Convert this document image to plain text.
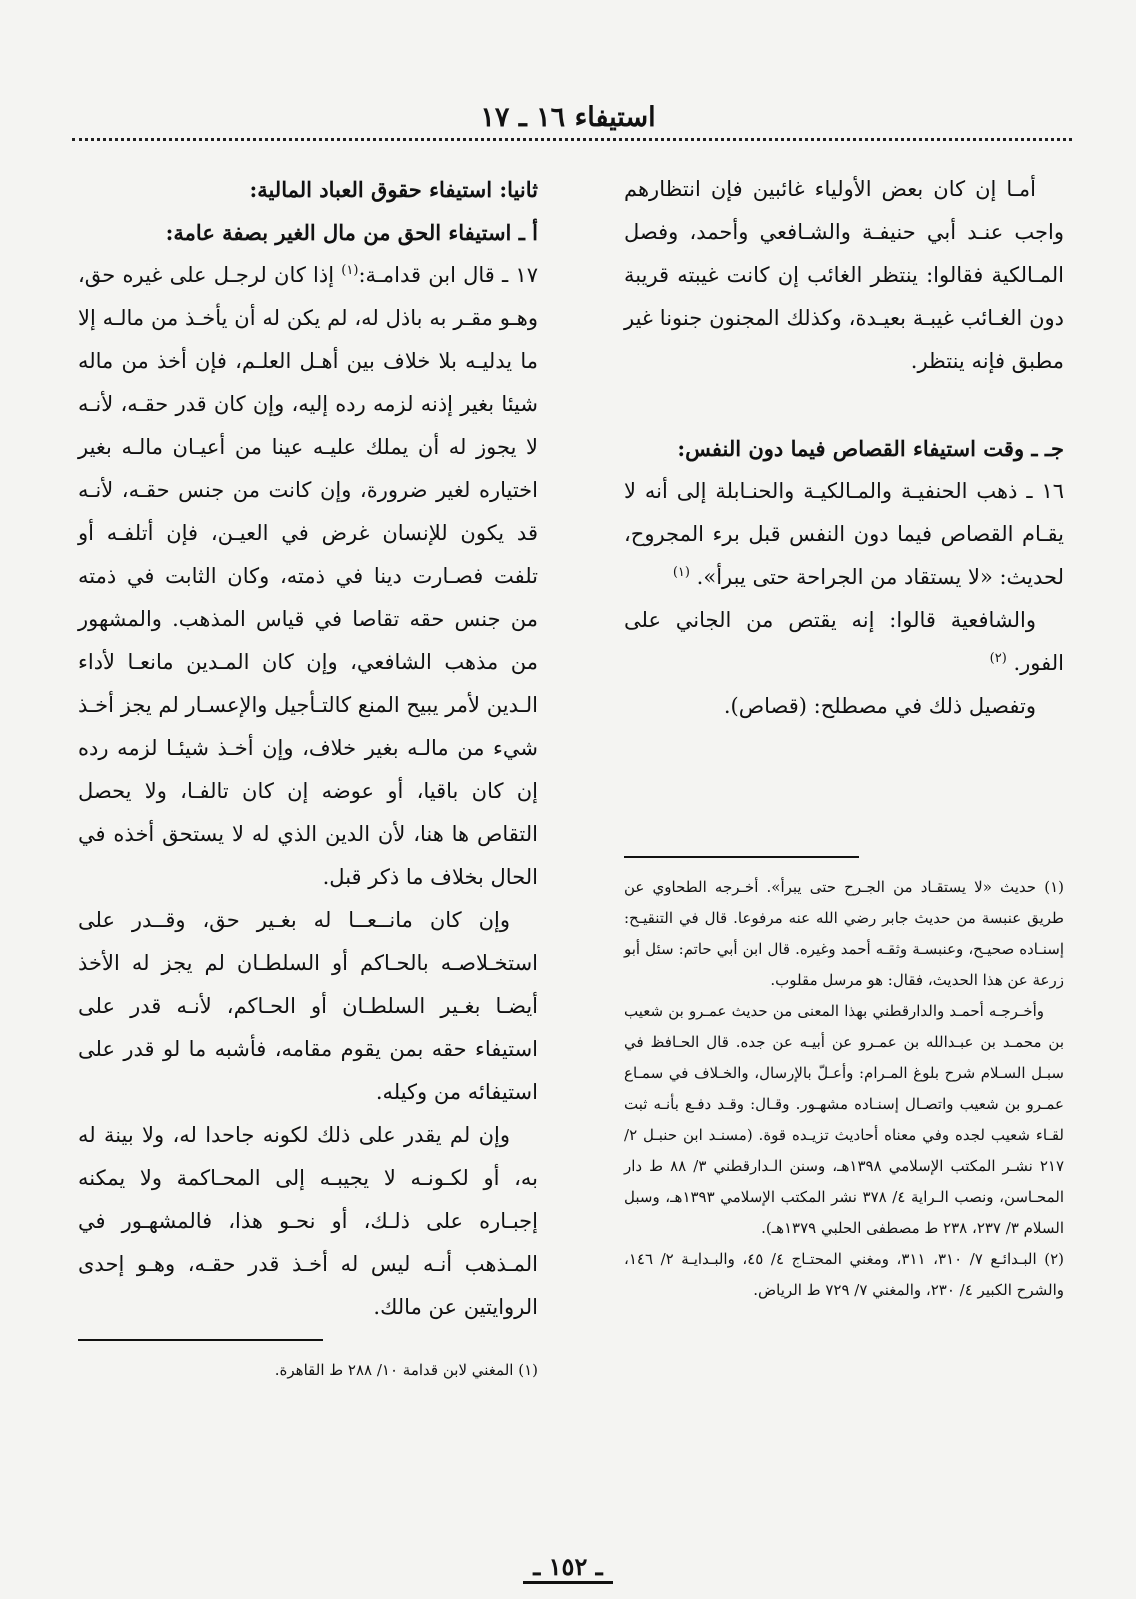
استيفاء ١٦ ـ ١٧

أمـا إن كان بعض الأولياء غائبين فإن انتظارهم واجب عنـد أبي حنيفـة والشـافعي وأحمد، وفصل المـالكية فقالوا: ينتظر الغائب إن كانت غيبته قريبة دون الغـائب غيبـة بعيـدة، وكذلك المجنون جنونا غير مطبق فإنه ينتظر.

جـ ـ وقت استيفاء القصاص فيما دون النفس:

١٦ ـ ذهب الحنفيـة والمـالكيـة والحنـابلة إلى أنه لا يقـام القصاص فيما دون النفس قبل برء المجروح، لحديث: «لا يستقاد من الجراحة حتى يبرأ». $^{(١)}$

والشافعية قالوا: إنه يقتص من الجاني على الفور. $^{(٢)}$

وتفصيل ذلك في مصطلح: (قصاص).

(١) حديث «لا يستقـاد من الجـرح حتى يبرأ». أخـرجه الطحاوي عن طريق عنبسة من حديث جابر رضي الله عنه مرفوعا. قال في التنقيـح: إسنـاده صحيـح، وعنبسـة وثقـه أحمد وغيره. قال ابن أبي حاتم: سئل أبو زرعة عن هذا الحديث، فقال: هو مرسل مقلوب.

وأخـرجـه أحمـد والدارقطني بهذا المعنى من حديث عمـرو بن شعيب بن محمـد بن عبـدالله بن عمـرو عن أبيـه عن جده. قال الحـافظ في سبـل السـلام شرح بلوغ المـرام: وأعـلّ بالإرسال، والخـلاف في سمـاع عمـرو بن شعيب واتصـال إسنـاده مشهـور. وقـال: وقـد دفـع بأنـه ثبت لقـاء شعيب لجده وفي معناه أحاديث تزيـده قوة. (مسنـد ابن حنبـل ٢/ ٢١٧ نشـر المكتب الإسلامي ١٣٩٨هـ، وسنن الـدارقطني ٣/ ٨٨ ط دار المحـاسن، ونصب الـراية ٤/ ٣٧٨ نشر المكتب الإسلامي ١٣٩٣هـ، وسبل السلام ٣/ ٢٣٧، ٢٣٨ ط مصطفى الحلبي ١٣٧٩هـ).

(٢) البـدائـع ٧/ ٣١٠، ٣١١، ومغني المحتـاج ٤/ ٤٥، والبـدايـة ٢/ ١٤٦، والشرح الكبير ٤/ ٢٣٠، والمغني ٧/ ٧٢٩ ط الرياض.

ثانيا: استيفاء حقوق العباد المالية:

أ ـ استيفاء الحق من مال الغير بصفة عامة:

١٧ ـ قال ابن قدامـة:$^{(١)}$ إذا كان لرجـل على غيره حق، وهـو مقـر به باذل له، لم يكن له أن يأخـذ من مالـه إلا ما يدليـه بلا خلاف بين أهـل العلـم، فإن أخذ من ماله شيئا بغير إذنه لزمه رده إليه، وإن كان قدر حقـه، لأنـه لا يجوز له أن يملك عليـه عينا من أعيـان مالـه بغير اختياره لغير ضرورة، وإن كانت من جنس حقـه، لأنـه قد يكون للإنسان غرض في العيـن، فإن أتلفـه أو تلفت فصـارت دينا في ذمته، وكان الثابت في ذمته من جنس حقه تقاصا في قياس المذهب. والمشهور من مذهب الشافعي، وإن كان المـدين مانعـا لأداء الـدين لأمر يبيح المنع كالتـأجيل والإعسـار لم يجز أخـذ شيء من مالـه بغير خلاف، وإن أخـذ شيئـا لزمه رده إن كان باقيا، أو عوضه إن كان تالفـا، ولا يحصل التقاص ها هنا، لأن الدين الذي له لا يستحق أخذه في الحال بخلاف ما ذكر قبل.

وإن كان مانــعــا له بغـير حق، وقــدر على استخـلاصـه بالحـاكم أو السلطـان لم يجز له الأخذ أيضـا بغـير السلطـان أو الحـاكم، لأنـه قدر على استيفاء حقه بمن يقوم مقامه، فأشبه ما لو قدر على استيفائه من وكيله.

وإن لم يقدر على ذلك لكونه جاحدا له، ولا بينة له به، أو لكـونـه لا يجيبـه إلى المحـاكمة ولا يمكنه إجبـاره على ذلـك، أو نحـو هذا، فالمشهـور في المـذهب أنـه ليس له أخـذ قدر حقـه، وهـو إحدى الروايتين عن مالك.

(١) المغني لابن قدامة ١٠/ ٢٨٨ ط القاهرة.

ـ ١٥٢ ـ
